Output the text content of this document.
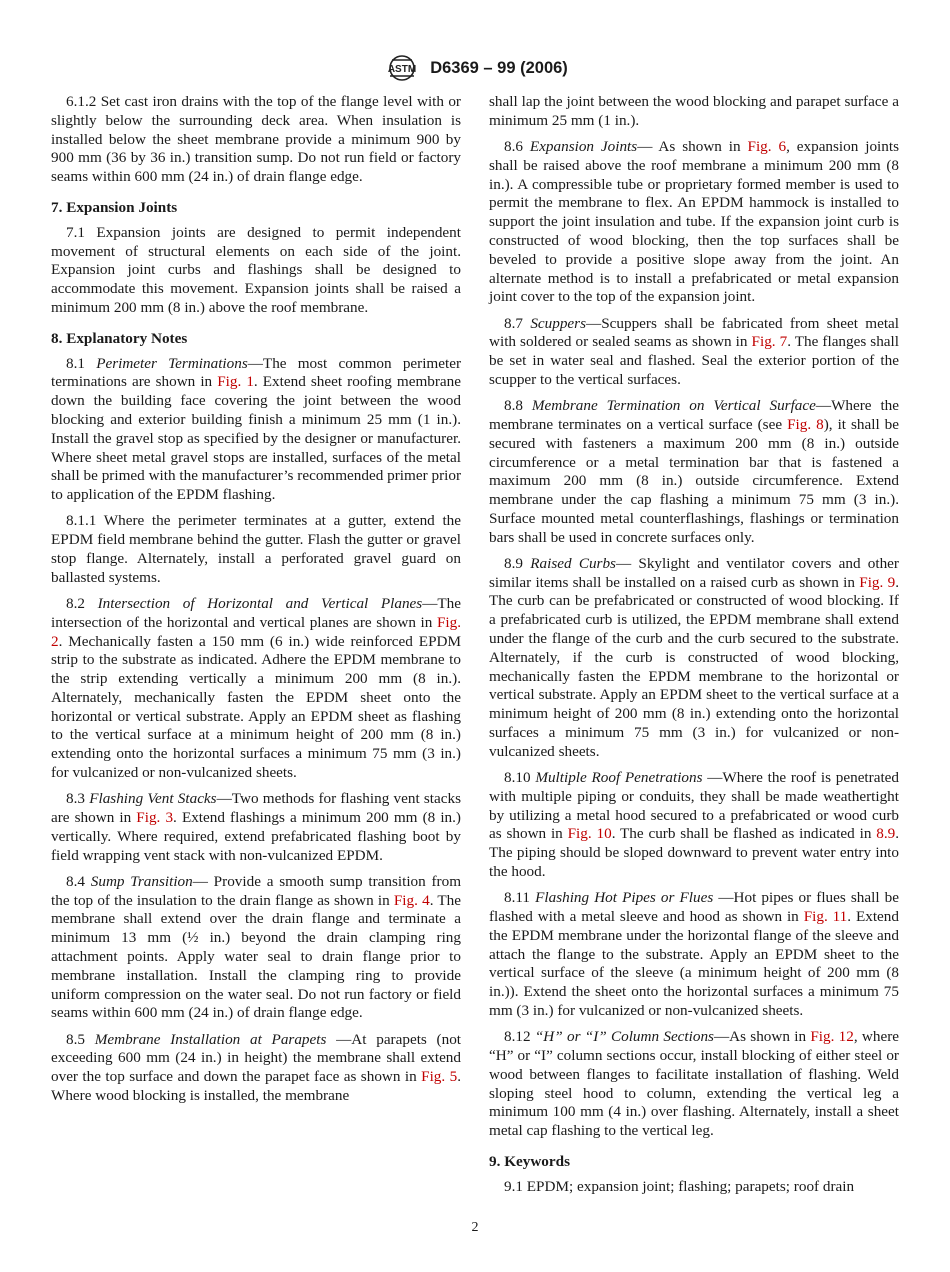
ASTM D6369 – 99 (2006)

6.1.2 Set cast iron drains with the top of the flange level with or slightly below the surrounding deck area. When insulation is installed below the sheet membrane provide a minimum 900 by 900 mm (36 by 36 in.) transition sump. Do not run field or factory seams within 600 mm (24 in.) of drain flange edge.

7. Expansion Joints

7.1 Expansion joints are designed to permit independent movement of structural elements on each side of the joint. Expansion joint curbs and flashings shall be designed to accommodate this movement. Expansion joints shall be raised a minimum 200 mm (8 in.) above the roof membrane.

8. Explanatory Notes

8.1 Perimeter Terminations—The most common perimeter terminations are shown in Fig. 1. Extend sheet roofing membrane down the building face covering the joint between the wood blocking and exterior building finish a minimum 25 mm (1 in.). Install the gravel stop as specified by the designer or manufacturer. Where sheet metal gravel stops are installed, surfaces of the metal shall be primed with the manufacturer’s recommended primer prior to application of the EPDM flashing.

8.1.1 Where the perimeter terminates at a gutter, extend the EPDM field membrane behind the gutter. Flash the gutter or gravel stop flange. Alternately, install a perforated gravel guard on ballasted systems.

8.2 Intersection of Horizontal and Vertical Planes—The intersection of the horizontal and vertical planes are shown in Fig. 2. Mechanically fasten a 150 mm (6 in.) wide reinforced EPDM strip to the substrate as indicated. Adhere the EPDM membrane to the strip extending vertically a minimum 200 mm (8 in.). Alternately, mechanically fasten the EPDM sheet onto the horizontal or vertical substrate. Apply an EPDM sheet as flashing to the vertical surface at a minimum height of 200 mm (8 in.) extending onto the horizontal surfaces a minimum 75 mm (3 in.) for vulcanized or non-vulcanized sheets.

8.3 Flashing Vent Stacks—Two methods for flashing vent stacks are shown in Fig. 3. Extend flashings a minimum 200 mm (8 in.) vertically. Where required, extend prefabricated flashing boot by field wrapping vent stack with non-vulcanized EPDM.

8.4 Sump Transition— Provide a smooth sump transition from the top of the insulation to the drain flange as shown in Fig. 4. The membrane shall extend over the drain flange and terminate a minimum 13 mm (½ in.) beyond the drain clamping ring attachment points. Apply water seal to drain flange prior to membrane installation. Install the clamping ring to provide uniform compression on the water seal. Do not run factory or field seams within 600 mm (24 in.) of drain flange edge.

8.5 Membrane Installation at Parapets —At parapets (not exceeding 600 mm (24 in.) in height) the membrane shall extend over the top surface and down the parapet face as shown in Fig. 5. Where wood blocking is installed, the membrane

shall lap the joint between the wood blocking and parapet surface a minimum 25 mm (1 in.).

8.6 Expansion Joints— As shown in Fig. 6, expansion joints shall be raised above the roof membrane a minimum 200 mm (8 in.). A compressible tube or proprietary formed member is used to permit the membrane to flex. An EPDM hammock is installed to support the joint insulation and tube. If the expansion joint curb is constructed of wood blocking, then the top surfaces shall be beveled to provide a positive slope away from the joint. An alternate method is to install a prefabricated or metal expansion joint cover to the top of the expansion joint.

8.7 Scuppers—Scuppers shall be fabricated from sheet metal with soldered or sealed seams as shown in Fig. 7. The flanges shall be set in water seal and flashed. Seal the exterior portion of the scupper to the vertical surfaces.

8.8 Membrane Termination on Vertical Surface—Where the membrane terminates on a vertical surface (see Fig. 8), it shall be secured with fasteners a maximum 200 mm (8 in.) outside circumference or a metal termination bar that is fastened a maximum 200 mm (8 in.) outside circumference. Extend membrane under the cap flashing a minimum 75 mm (3 in.). Surface mounted metal counterflashings, flashings or termination bars shall be used in concrete surfaces only.

8.9 Raised Curbs— Skylight and ventilator covers and other similar items shall be installed on a raised curb as shown in Fig. 9. The curb can be prefabricated or constructed of wood blocking. If a prefabricated curb is utilized, the EPDM membrane shall extend under the flange of the curb and the curb secured to the substrate. Alternately, if the curb is constructed of wood blocking, mechanically fasten the EPDM membrane to the horizontal or vertical substrate. Apply an EPDM sheet to the vertical surface at a minimum height of 200 mm (8 in.) extending onto the horizontal surfaces a minimum 75 mm (3 in.) for vulcanized or non-vulcanized sheets.

8.10 Multiple Roof Penetrations —Where the roof is penetrated with multiple piping or conduits, they shall be made weathertight by utilizing a metal hood secured to a prefabricated or wood curb as shown in Fig. 10. The curb shall be flashed as indicated in 8.9. The piping should be sloped downward to prevent water entry into the hood.

8.11 Flashing Hot Pipes or Flues —Hot pipes or flues shall be flashed with a metal sleeve and hood as shown in Fig. 11. Extend the EPDM membrane under the horizontal flange of the sleeve and attach the flange to the substrate. Apply an EPDM sheet to the vertical surface of the sleeve (a minimum height of 200 mm (8 in.)). Extend the sheet onto the horizontal surfaces a minimum 75 mm (3 in.) for vulcanized or non-vulcanized sheets.

8.12 “H” or “I” Column Sections—As shown in Fig. 12, where “H” or “I” column sections occur, install blocking of either steel or wood between flanges to facilitate installation of flashing. Weld sloping steel hood to column, extending the vertical leg a minimum 100 mm (4 in.) over flashing. Alternately, install a sheet metal cap flashing to the vertical leg.

9. Keywords

9.1 EPDM; expansion joint; flashing; parapets; roof drain

2
